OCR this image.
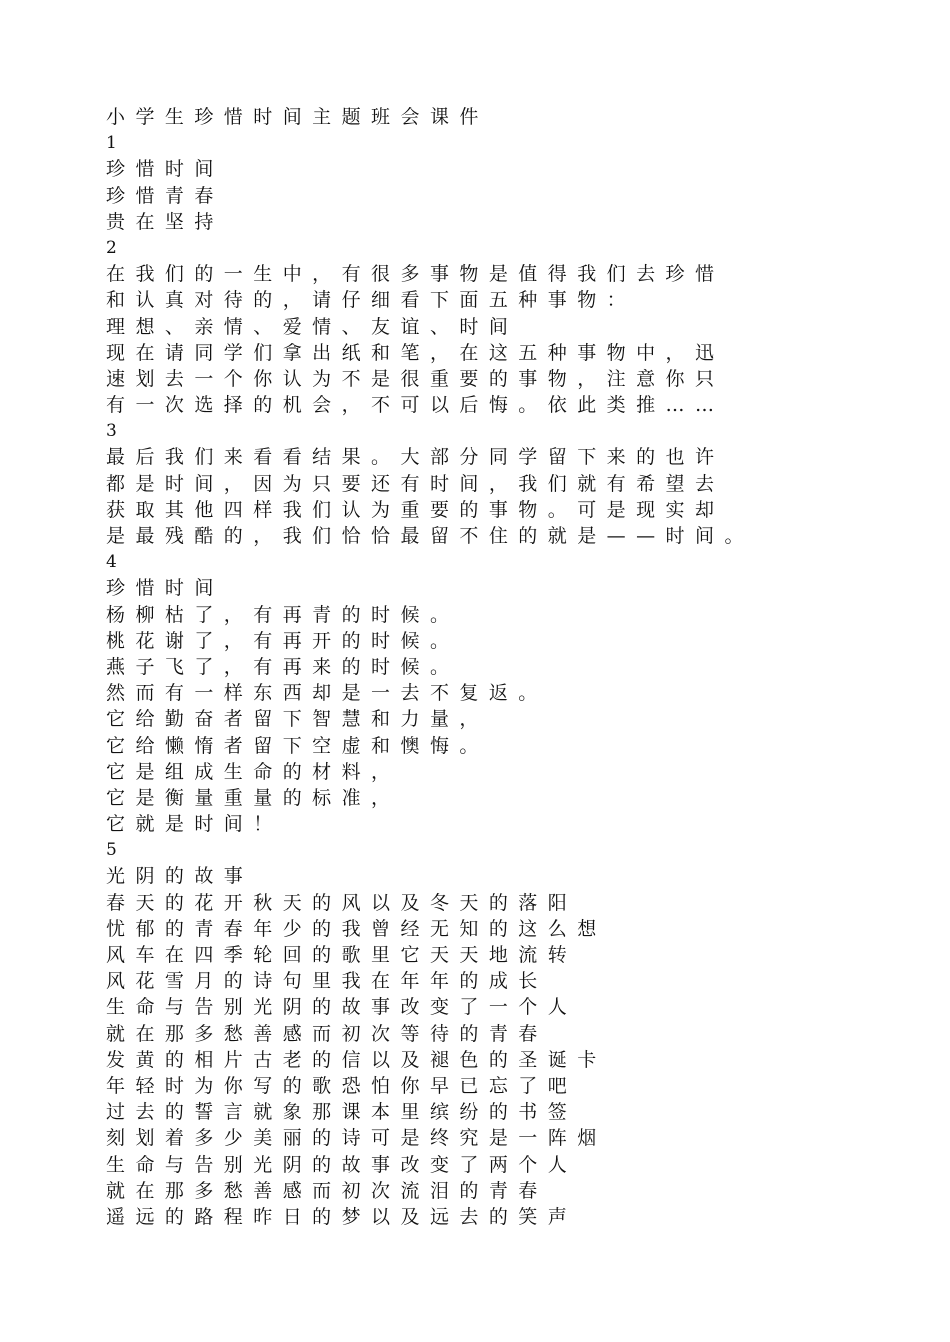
小学生珍惜时间主题班会课件
1
珍惜时间
珍惜青春
贵在坚持
2
在我们的一生中，有很多事物是值得我们去珍惜
和认真对待的，请仔细看下面五种事物：
理想、亲情、爱情、友谊、时间
现在请同学们拿出纸和笔，在这五种事物中，迅
速划去一个你认为不是很重要的事物，注意你只
有一次选择的机会，不可以后悔。依此类推……
3
最后我们来看看结果。大部分同学留下来的也许
都是时间，因为只要还有时间，我们就有希望去
获取其他四样我们认为重要的事物。可是现实却
是最残酷的，我们恰恰最留不住的就是——时间。
4
珍惜时间
杨柳枯了，有再青的时候。
桃花谢了，有再开的时候。
燕子飞了，有再来的时候。
然而有一样东西却是一去不复返。
它给勤奋者留下智慧和力量，
它给懒惰者留下空虚和懊悔。
它是组成生命的材料，
它是衡量重量的标准，
它就是时间！
5
光阴的故事
春天的花开秋天的风以及冬天的落阳
忧郁的青春年少的我曾经无知的这么想
风车在四季轮回的歌里它天天地流转
风花雪月的诗句里我在年年的成长
生命与告别光阴的故事改变了一个人
就在那多愁善感而初次等待的青春
发黄的相片古老的信以及褪色的圣诞卡
年轻时为你写的歌恐怕你早已忘了吧
过去的誓言就象那课本里缤纷的书签
刻划着多少美丽的诗可是终究是一阵烟
生命与告别光阴的故事改变了两个人
就在那多愁善感而初次流泪的青春
遥远的路程昨日的梦以及远去的笑声
